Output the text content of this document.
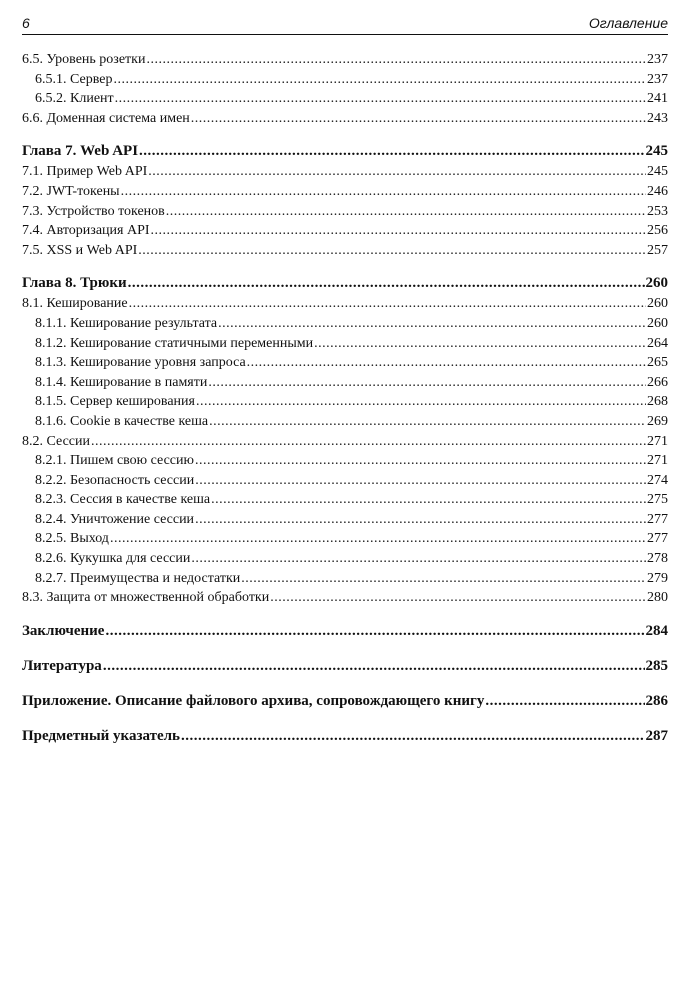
6	Оглавление
6.5. Уровень розетки .....	237
6.5.1. Сервер .....	237
6.5.2. Клиент .....	241
6.6. Доменная система имен .....	243
Глава 7. Web API .....	245
7.1. Пример Web API .....	245
7.2. JWT-токены .....	246
7.3. Устройство токенов .....	253
7.4. Авторизация API .....	256
7.5. XSS и Web API .....	257
Глава 8. Трюки .....	260
8.1. Кеширование .....	260
8.1.1. Кеширование результата .....	260
8.1.2. Кеширование статичными переменными .....	264
8.1.3. Кеширование уровня запроса .....	265
8.1.4. Кеширование в памяти .....	266
8.1.5. Сервер кеширования .....	268
8.1.6. Cookie в качестве кеша .....	269
8.2. Сессии .....	271
8.2.1. Пишем свою сессию .....	271
8.2.2. Безопасность сессии .....	274
8.2.3. Сессия в качестве кеша .....	275
8.2.4. Уничтожение сессии .....	277
8.2.5. Выход .....	277
8.2.6. Кукушка для сессии .....	278
8.2.7. Преимущества и недостатки .....	279
8.3. Защита от множественной обработки .....	280
Заключение .....	284
Литература .....	285
Приложение. Описание файлового архива, сопровождающего книгу .....	286
Предметный указатель .....	287
